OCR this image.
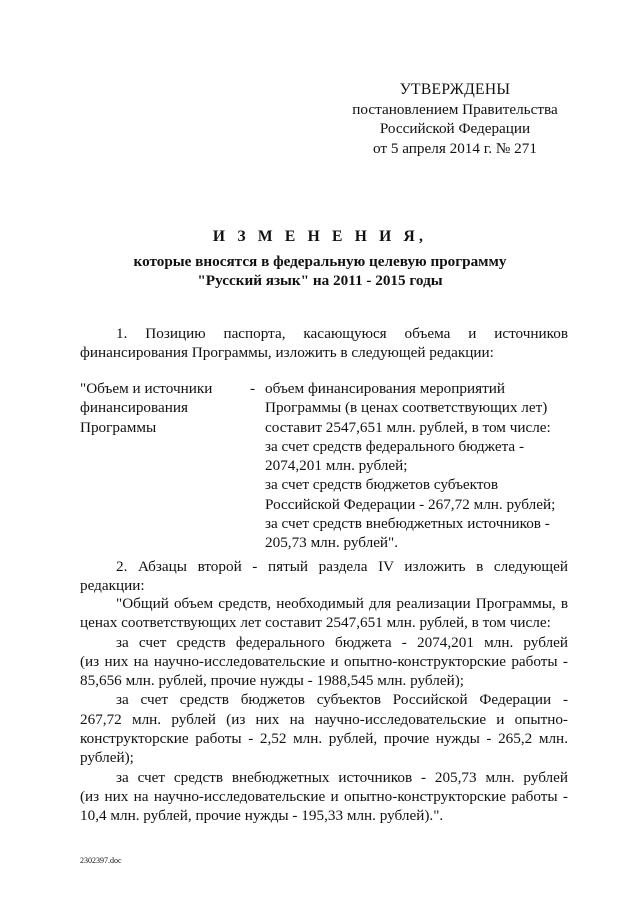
УТВЕРЖДЕНЫ
постановлением Правительства
Российской Федерации
от 5 апреля 2014 г. № 271
И З М Е Н Е Н И Я,
которые вносятся в федеральную целевую программу
"Русский язык" на 2011 - 2015 годы
1. Позицию паспорта, касающуюся объема и источников
финансирования Программы, изложить в следующей редакции:
"Объем и источники
финансирования
Программы
- объем финансирования мероприятий
Программы (в ценах соответствующих лет)
составит 2547,651 млн. рублей, в том числе:
за счет средств федерального бюджета -
2074,201 млн. рублей;
за счет средств бюджетов субъектов
Российской Федерации - 267,72 млн. рублей;
за счет средств внебюджетных источников -
205,73 млн. рублей".
2. Абзацы второй - пятый раздела IV изложить в следующей
редакции:
"Общий объем средств, необходимый для реализации Программы, в
ценах соответствующих лет составит 2547,651 млн. рублей, в том числе:
за счет средств федерального бюджета - 2074,201 млн. рублей
(из них на научно-исследовательские и опытно-конструкторские работы -
85,656 млн. рублей, прочие нужды - 1988,545 млн. рублей);
за счет средств бюджетов субъектов Российской Федерации -
267,72 млн. рублей (из них на научно-исследовательские и опытно-
конструкторские работы - 2,52 млн. рублей, прочие нужды - 265,2 млн.
рублей);
за счет средств внебюджетных источников - 205,73 млн. рублей
(из них на научно-исследовательские и опытно-конструкторские работы -
10,4 млн. рублей, прочие нужды - 195,33 млн. рублей).".
2302397.doc
